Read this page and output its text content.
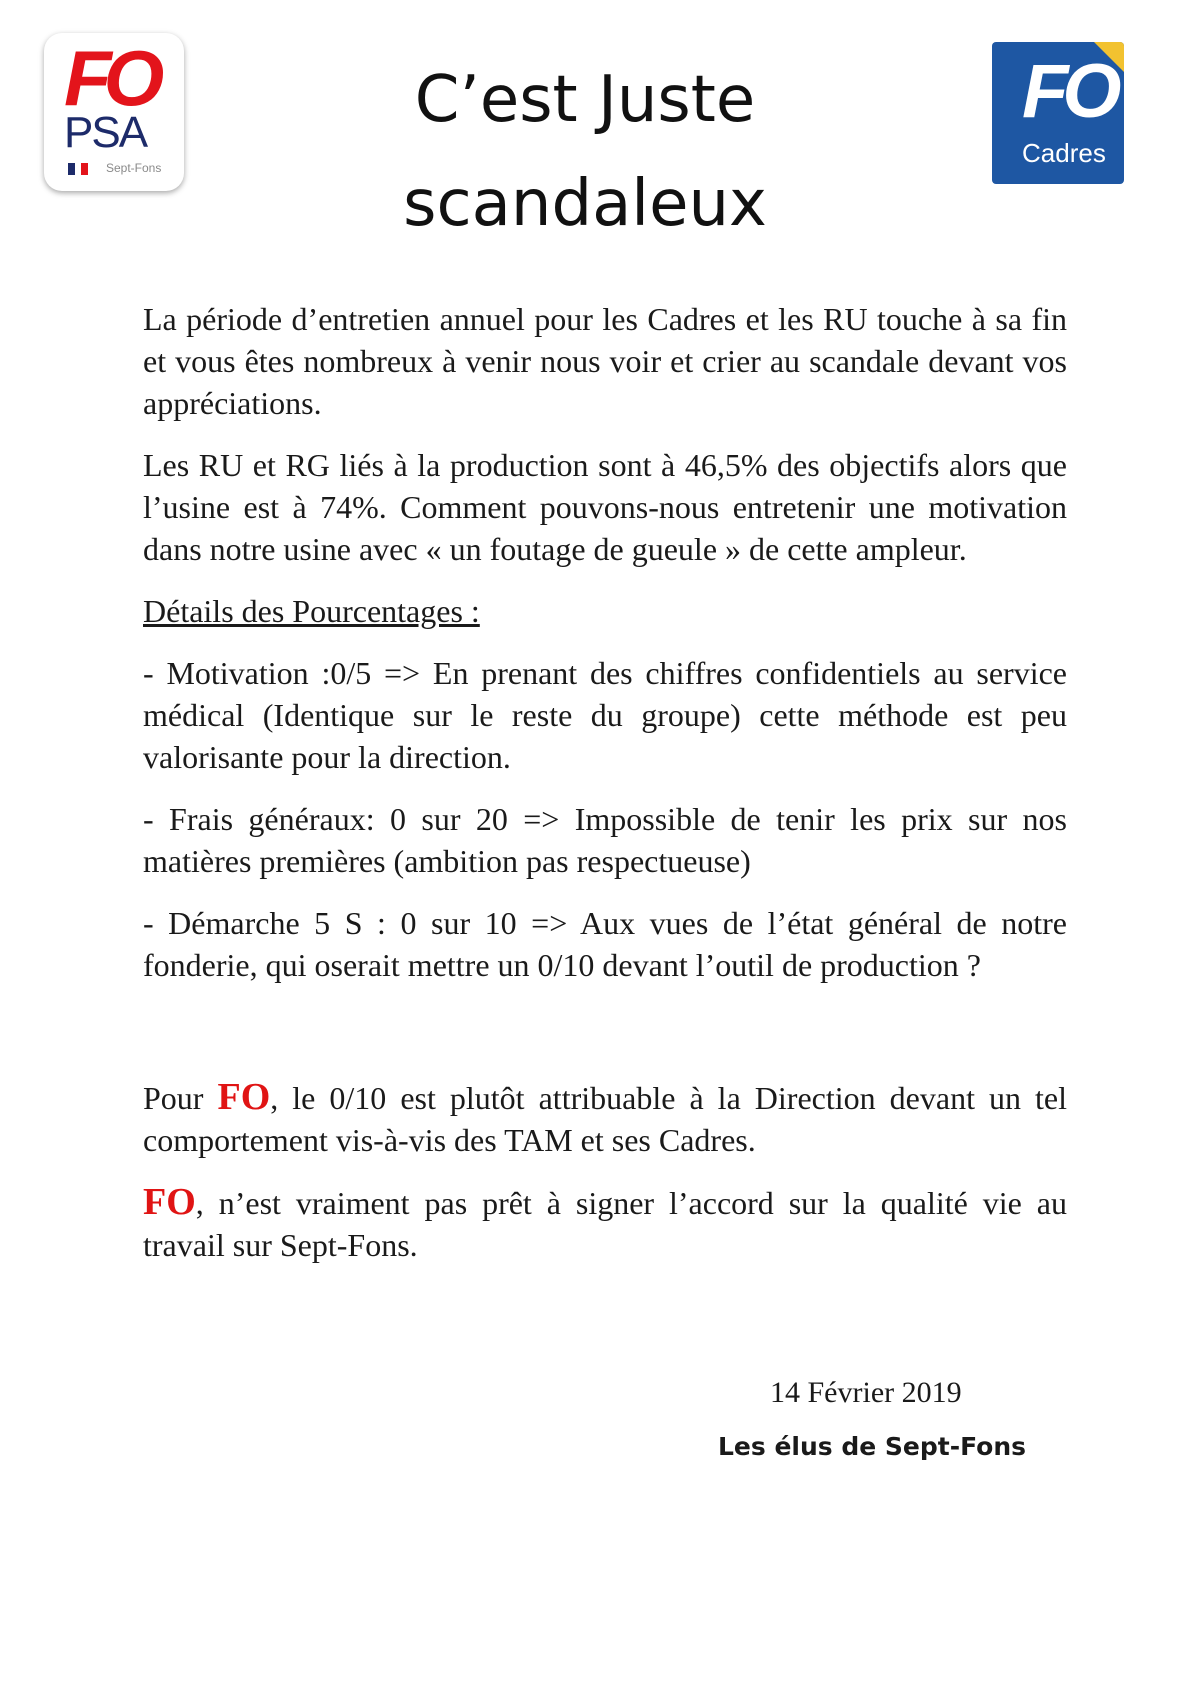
FO
PSA
Sept-Fons
C’est Juste
scandaleux
FO
Cadres

La période d’entretien annuel pour les Cadres et les RU touche à sa fin et vous êtes nombreux à venir nous voir et crier au scandale devant vos appréciations.

Les RU et RG liés à la production sont à 46,5% des objectifs alors que l’usine est à 74%. Comment pouvons-nous entretenir une motivation dans notre usine avec « un foutage de gueule » de cette ampleur.

Détails des Pourcentages :

- Motivation :0/5 => En prenant des chiffres confidentiels au service médical (Identique sur le reste du groupe) cette méthode est peu valorisante pour la direction.

- Frais généraux: 0 sur 20 => Impossible de tenir les prix sur nos matières premières (ambition pas respectueuse)

- Démarche 5 S : 0 sur 10 => Aux vues de l’état général de notre fonderie, qui oserait mettre un 0/10 devant l’outil de production ?

Pour FO, le 0/10 est plutôt attribuable à la Direction devant un tel comportement vis-à-vis des TAM et ses Cadres.

FO, n’est vraiment pas prêt à signer l’accord sur la qualité vie au travail sur Sept-Fons.

14 Février 2019
Les élus de Sept-Fons
